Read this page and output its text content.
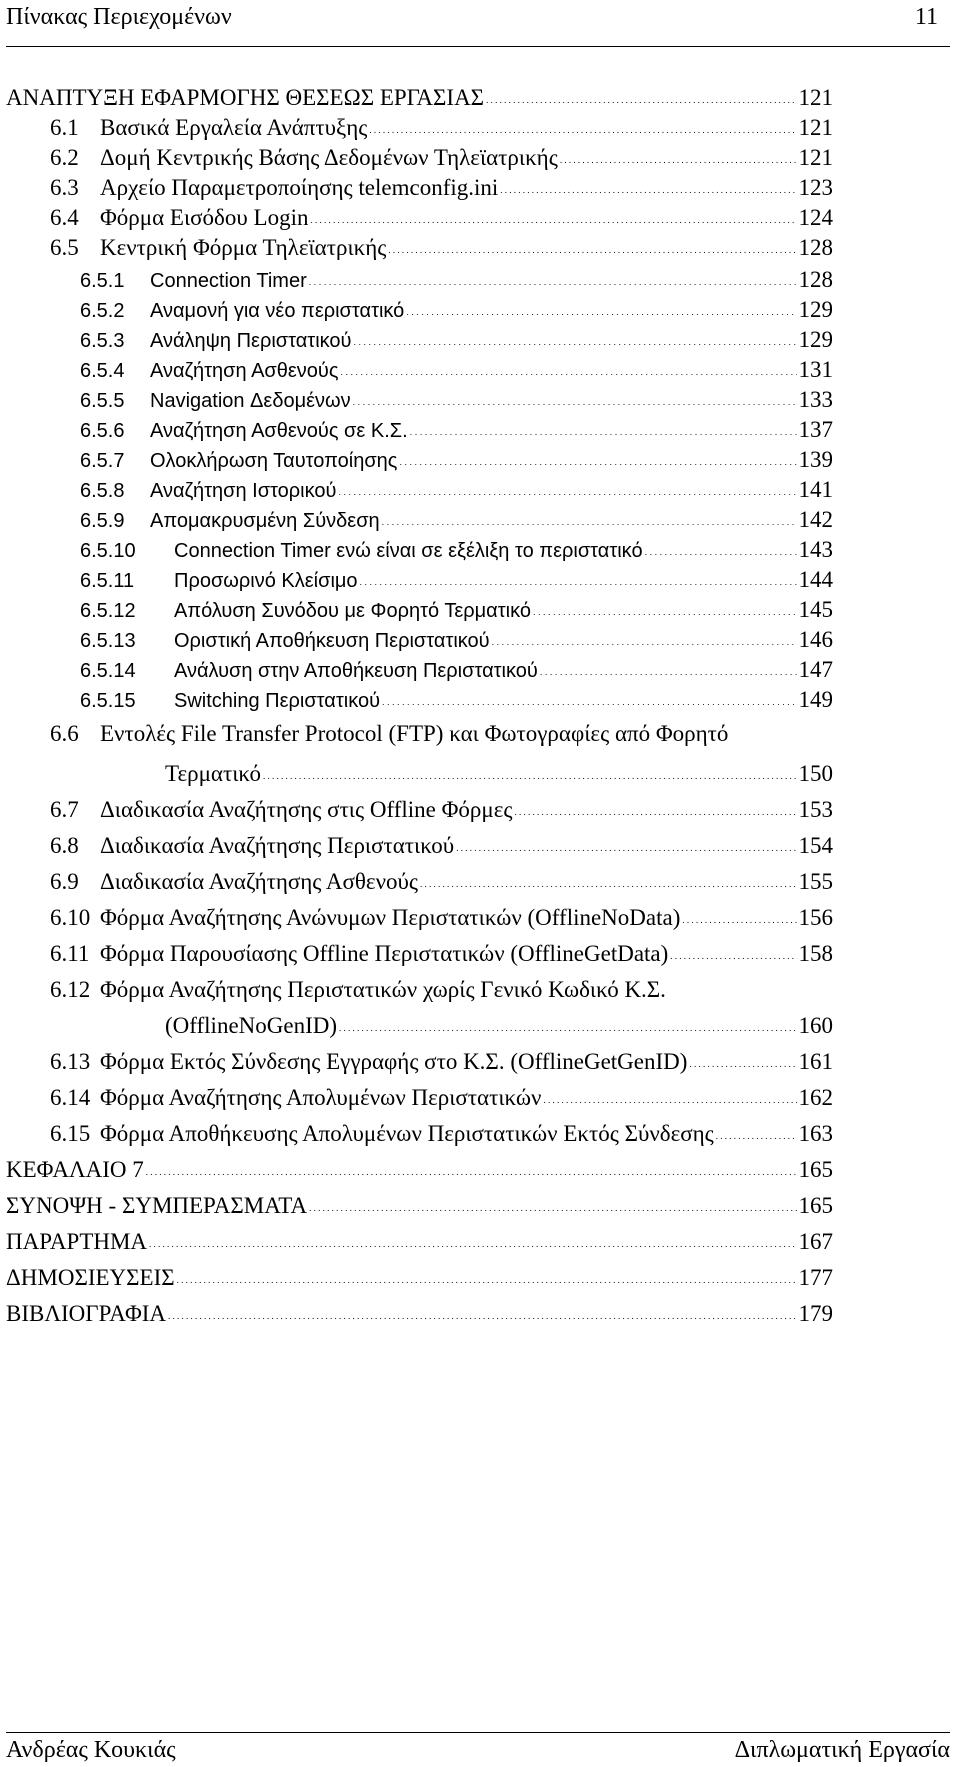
Πίνακας Περιεχομένων	11
ΑΝΑΠΤΥΞΗ ΕΦΑΡΜΟΓΗΣ ΘΕΣΕΩΣ ΕΡΓΑΣΙΑΣ . . .	121
6.1 Βασικά Εργαλεία Ανάπτυξης . . .	121
6.2 Δομή Κεντρικής Βάσης Δεδομένων Τηλεϊατρικής . . .	121
6.3 Αρχείο Παραμετροποίησης telemconfig.ini . . .	123
6.4 Φόρμα Εισόδου Login . . .	124
6.5 Κεντρική Φόρμα Τηλεϊατρικής . . .	128
6.5.1	Connection Timer . . .	128
6.5.2	Αναμονή για νέο περιστατικό . . .	129
6.5.3	Ανάληψη Περιστατικού . . .	129
6.5.4	Αναζήτηση Ασθενούς . . .	131
6.5.5	Navigation Δεδομένων . . .	133
6.5.6	Αναζήτηση Ασθενούς σε Κ.Σ. . . .	137
6.5.7	Ολοκλήρωση Ταυτοποίησης . . .	139
6.5.8	Αναζήτηση Ιστορικού . . .	141
6.5.9	Απομακρυσμένη Σύνδεση . . .	142
6.5.10	Connection Timer ενώ είναι σε εξέλιξη το περιστατικό . . .	143
6.5.11	Προσωρινό Κλείσιμο . . .	144
6.5.12	Απόλυση Συνόδου με Φορητό Τερματικό . . .	145
6.5.13	Οριστική Αποθήκευση Περιστατικού . . .	146
6.5.14	Ανάλυση στην Αποθήκευση Περιστατικού . . .	147
6.5.15	Switching Περιστατικού . . .	149
6.6 Εντολές File Transfer Protocol (FTP) και Φωτογραφίες από Φορητό
Τερματικό . . .	150
6.7 Διαδικασία Αναζήτησης στις Offline Φόρμες . . .	153
6.8 Διαδικασία Αναζήτησης Περιστατικού . . .	154
6.9 Διαδικασία Αναζήτησης Ασθενούς . . .	155
6.10 Φόρμα Αναζήτησης Ανώνυμων Περιστατικών (OfflineNoData) . . .	156
6.11 Φόρμα Παρουσίασης Offline Περιστατικών (OfflineGetData) . . .	158
6.12 Φόρμα Αναζήτησης Περιστατικών χωρίς Γενικό Κωδικό Κ.Σ.
(OfflineNoGenID) . . .	160
6.13 Φόρμα Εκτός Σύνδεσης Εγγραφής στο Κ.Σ. (OfflineGetGenID) . . .	161
6.14 Φόρμα Αναζήτησης Απολυμένων Περιστατικών . . .	162
6.15 Φόρμα Αποθήκευσης Απολυμένων Περιστατικών Εκτός Σύνδεσης . . .	163
ΚΕΦΑΛΑΙΟ 7 . . .	165
ΣΥΝΟΨΗ - ΣΥΜΠΕΡΑΣΜΑΤΑ . . .	165
ΠΑΡΑΡΤΗΜΑ . . .	167
ΔΗΜΟΣΙΕΥΣΕΙΣ . . .	177
ΒΙΒΛΙΟΓΡΑΦΙΑ . . .	179
Ανδρέας Κουκιάς	Διπλωματική Εργασία
